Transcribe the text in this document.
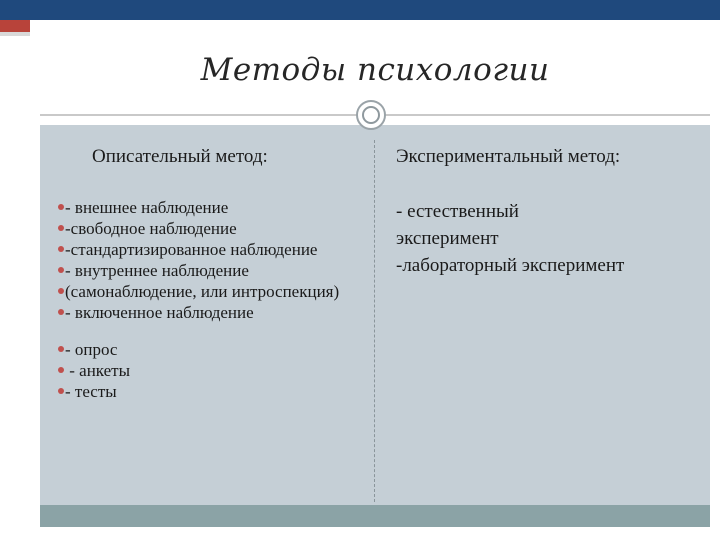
Методы психологии
Описательный метод:
- внешнее наблюдение
-свободное наблюдение
-стандартизированное наблюдение
- внутреннее наблюдение
(самонаблюдение, или интроспекция)
- включенное наблюдение
- опрос
- анкеты
- тесты
Экспериментальный метод:
- естественный
эксперимент
-лабораторный эксперимент
